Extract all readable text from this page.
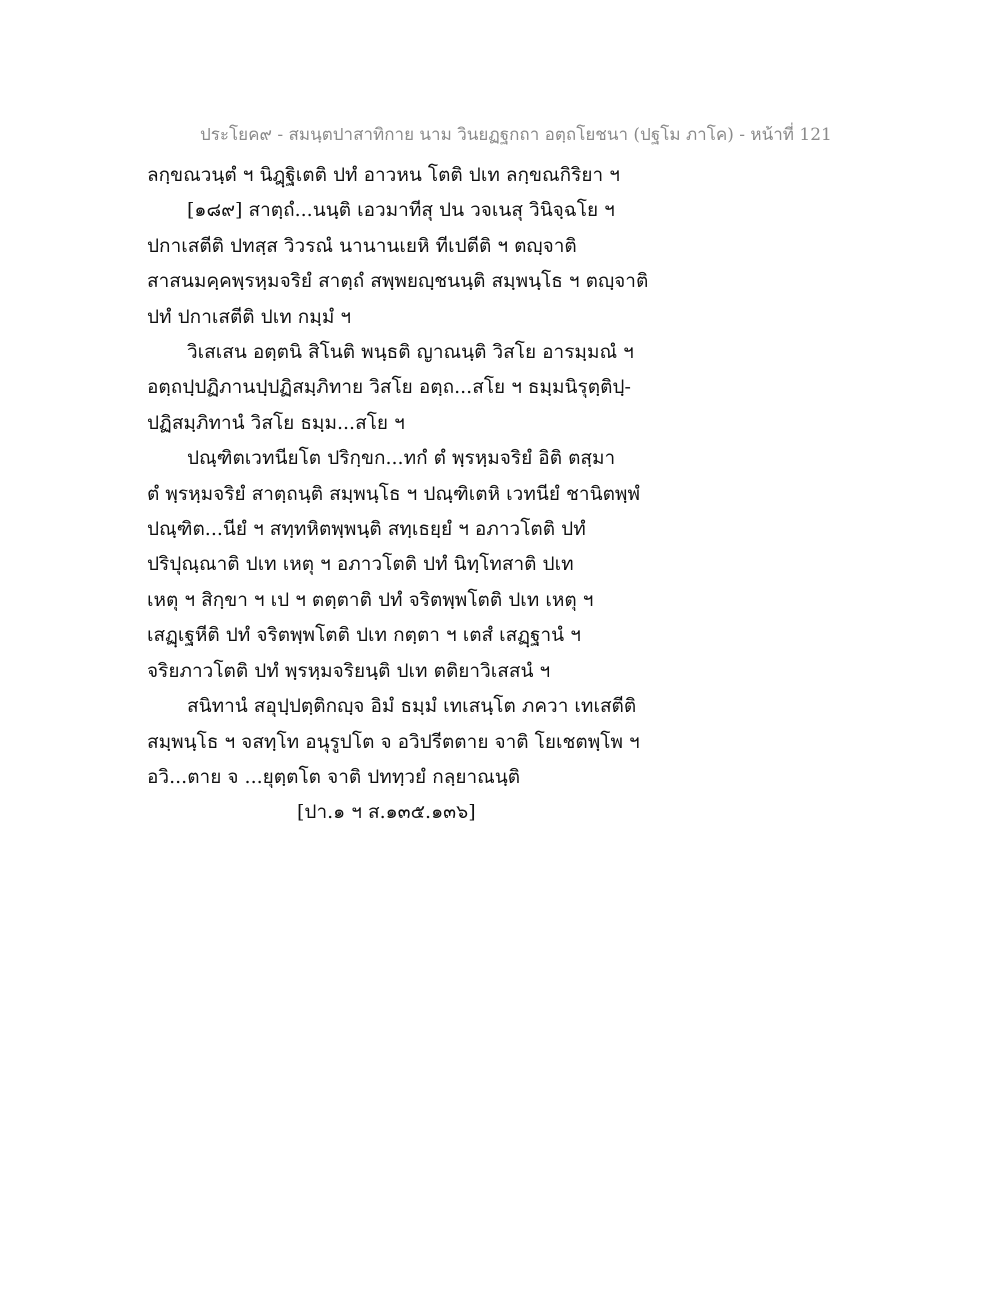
ประโยค๙ - สมนฺตปาสาทิกาย นาม วินยฏฐกถา อตฺถโยชนา (ปฐโม ภาโค) - หน้าที่ 121
ลกฺขณวนฺตํ ฯ นิฎฺฐิเตติ ปทํ อาวหน โตติ ปเท ลกฺขณกิริยา ฯ
[๑๘๙] สาตฺถํ...นนฺติ เอวมาทีสุ ปน วจเนสุ วินิจฺฉโย ฯ
ปกาเสตีติ ปทสฺส วิวรณํ นานานเยหิ ทีเปตีติ ฯ ตญฺจาติ
สาสนมคฺคพฺรหฺมจริยํ สาตฺถํ สพฺพยญฺชนนฺติ สมฺพนฺโธ ฯ ตญฺจาติ
ปทํ ปกาเสตีติ ปเท กมฺมํ ฯ
วิเสเสน อตฺตนิ สิโนติ พนฺธติ ญาณนฺติ วิสโย อารมฺมณํ ฯ
อตฺถปฺปฏิภานปฺปฏิสมฺภิทาย วิสโย อตฺถ...สโย ฯ ธมฺมนิรุตฺติปฺ-
ปฏิสมฺภิทานํ วิสโย ธมฺม...สโย ฯ
ปณฺฑิตเวทนียโต ปริกฺขก...ทกํ ตํ พฺรหฺมจริยํ อิติ ตสฺมา
ตํ พฺรหฺมจริยํ สาตฺถนฺติ สมฺพนฺโธ ฯ ปณฺฑิเตหิ เวทนียํ ชานิตพฺพํ
ปณฺฑิต...นียํ ฯ สทฺทหิตพฺพนฺติ สทฺเธยฺยํ ฯ อภาวโตติ ปทํ
ปริปุณฺณาติ ปเท เหตุ ฯ อภาวโตติ ปทํ นิทฺโทสาติ ปเท
เหตุ ฯ สิกฺขา ฯ เป ฯ ตตฺตาติ ปทํ จริตพฺพโตติ ปเท เหตุ ฯ
เสฏฺเฐหีติ ปทํ จริตพฺพโตติ ปเท กตฺตา ฯ เตสํ เสฏฺฐานํ ฯ
จริยภาวโตติ ปทํ พฺรหฺมจริยนฺติ ปเท ตติยาวิเสสนํ ฯ
สนิทานํ สอุปฺปตฺติกญฺจ อิมํ ธมฺมํ เทเสนฺโต ภควา เทเสตีติ
สมฺพนฺโธ ฯ จสทฺโท อนุรูปโต จ อวิปรีตตาย จาติ โยเชตพฺโพ ฯ
อวิ...ตาย จ ...ยุตฺตโต จาติ ปททฺวยํ กลฺยาณนฺติ
[ปา.๑ ฯ ส.๑๓๕.๑๓๖]
